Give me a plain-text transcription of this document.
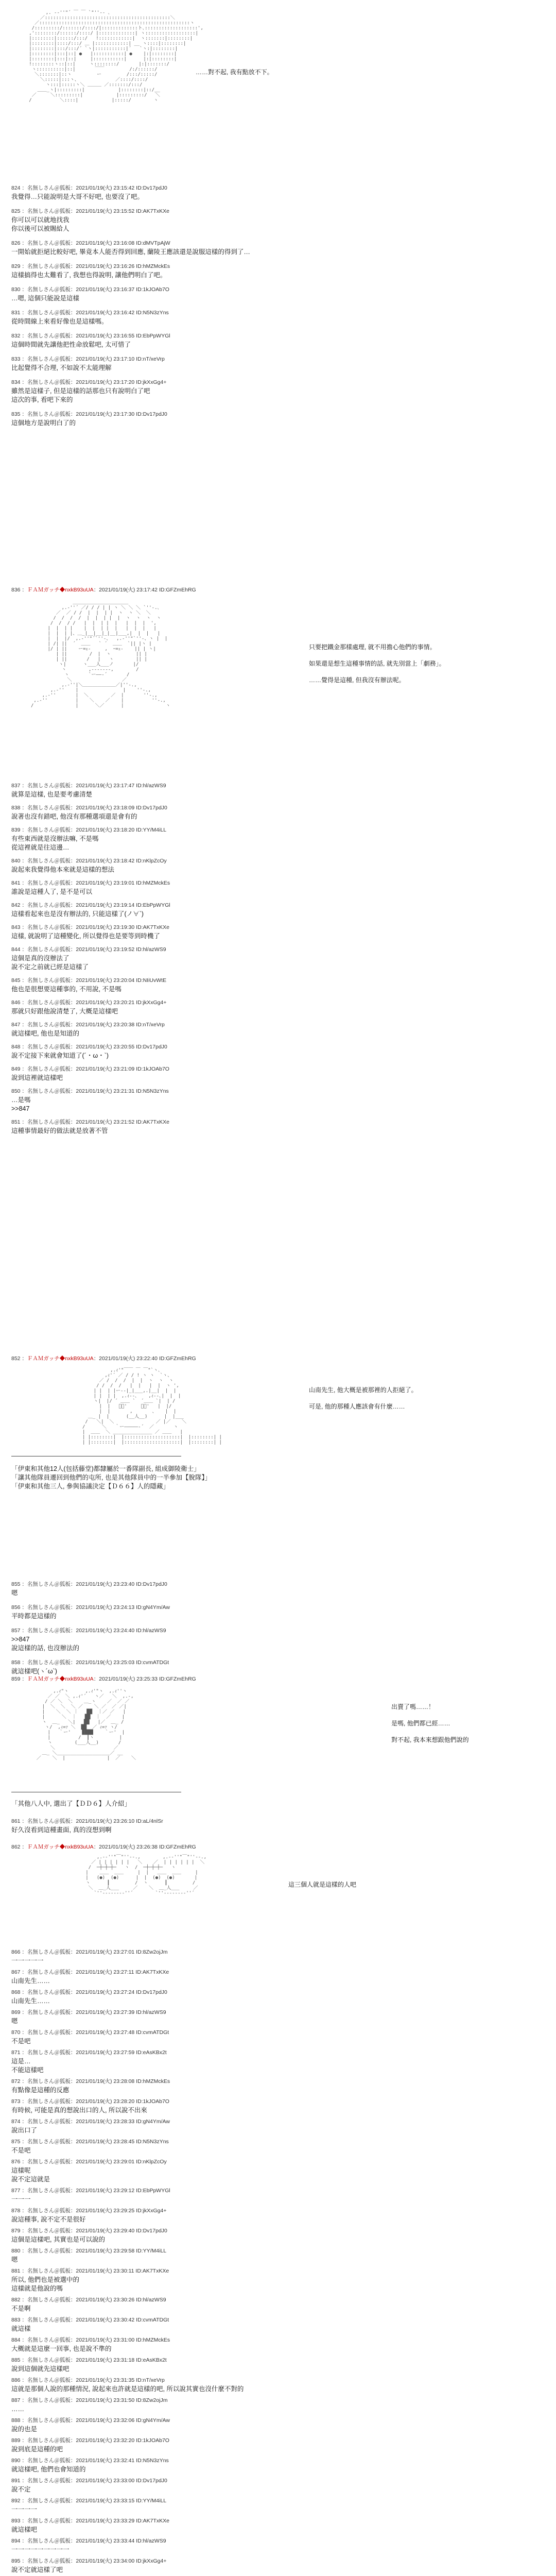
,. -‐''"´ ￣ ￣ `"''‐- ､
／:::::::::::::::::::::::::::::::::::::::::::::＼
／::::::::::::::::::::::::::::::::::::::::::::::::::::::ヽ
/:::::::::/:::::::/::::/|:::::::::::::ト､:::::::::::::::::::',
,'::::::::/::::::/::::/ |:::::::::::::| ヽ::::::::::::::::::|
|::::::::|::::::/:::/   !::::::::::::|  ヽ:::::::|::::::::|
|::::::::|::::/:::/ ＿ |::::::::::::| __ ヽ::::|::::::::|
|::::::::|:::/:::/´ `ヽ|:::::::::::|´   `ヽ:|::::::::|
|::::::::|:::|::| ●   |:::::::::::| ●    |:|::::::::|
|::::::::|:::|::|     |:::::::::::|      |:|::::::::|
!::::::::ヽ::|::|     ヽ::::::::/       |:|:::::::/
ヽ::::::::::|::|       ￣￣         /:/::::::/
＼:::::::|::ヽ         ー         /:::/:::::/
＼:::::|:::ヽ、             ／::::/::::/
ヽ:::|:::::ヽ＼ ＿＿＿ ／:::::::/:::/
＿＿_ヽ|:::::::::|            |::::::::|::/__
／     ＼:::::::::|            |:::::::::/   ＼
/          ＼::::|            |:::::/        ヽ
……對不起, 我有點放不下。
824 ：名無しさん＠狐板：2021/01/19(火) 23:15:42 ID:Dv17pdJ0
我覺得…只能說明是大哥不好吧, 也要沒了吧。
825 ：名無しさん＠狐板：2021/01/19(火) 23:15:52 ID:AK7TxKXe
你可以可以就地找我
你以後可以被賜給人
826 ：名無しさん＠狐板：2021/01/19(火) 23:16:08 ID:dMVTpAjW
一開始就拒絕比較好吧, 畢竟本人能否得到回應, 蘭陵王應該還是說服這樣的得到了…
829 ：名無しさん＠狐板：2021/01/19(火) 23:16:26 ID:hMZMckEs
這樣搞得也太難看了, 我想也得說明, 讓他們明白了吧。
830 ：名無しさん＠狐板：2021/01/19(火) 23:16:37 ID:1kJOAb7O
…嗯, 這個只能說是這樣
831 ：名無しさん＠狐板：2021/01/19(火) 23:16:42 ID:N5N3zYns
從時間線上來看好像也是這樣嗎。
832 ：名無しさん＠狐板：2021/01/19(火) 23:16:55 ID:EbPpWYGl
這個時間就先讓他把性命放鬆吧, 太可惜了
833 ：名無しさん＠狐板：2021/01/19(火) 23:17:10 ID:nT/xeVrp
比起覺得不合理, 不如說不太能理解
834 ：名無しさん＠狐板：2021/01/19(火) 23:17:20 ID:jkXxGg4+
雖然是這樣子, 但是這樣的話那也只有說明白了吧
這次的事, 看吧下來的
835 ：名無しさん＠狐板：2021/01/19(火) 23:17:30 ID:Dv17pdJ0
這個地方是說明白了的
836 ：ＦＡＭガッチ◆nxkB93uUA：2021/01/19(火) 23:17:42 ID:GFZmEhRG
＿＿＿＿＿＿＿＿＿＿＿＿
,.-''´ ／/ / / | | ヽ ＼ ＼ ＼ `''‐.､
／  ／ / /  |  |  | |  ヽ  ヽ ＼  ＼
/  /  /  /  |  |  | |  |  ヽ  ヽ  ヽ  ヽ
/  /  / /   |  |  | |  |   |  |  |  ',
|  |  | |    |  |  | |  |   |  |  |   |
|  |  | |、＿_|__|__|_|__|___,|  |  |   |
|  |  |/  ,.-''"´`''‐、  ,.-''"`''‐、ヽ |  |
| /| ||  ´  ＿＿   ` ´  ＿＿  `|| |ヽ |
|/ | ||    ー=ｪ-     ,  ｰ=ｪ-    || | ヽ|
| ||        /  |  ヽ         || |
| ||       /   |   ヽ        || |
ヽ|      ヽ___人___ノ       |/
ヽ        ,-------,        /
ヽ       `ー――‐´       /
＼                  ／
,.-''|＼＿＿＿＿＿＿＿／|''-.,
,.-''    |                |    ''-.,
,.-''       |  ＼        ／  |       ''-.,
,.-''          |    ＼    ／    |          ''-.,
/               |      ＼／      |               ヽ
只要把鐵金那樣處理, 就不用擔心他們的事情。

如果還是想生這種事情的話, 就先別當上「劇務」。

……覺得是這種, 但我沒有辦法呢。
837 ：名無しさん＠狐板：2021/01/19(火) 23:17:47 ID:hl/azWS9
就算是這樣, 也是要考慮清楚
838 ：名無しさん＠狐板：2021/01/19(火) 23:18:09 ID:Dv17pdJ0
說著也沒有錯吧, 他沒有那種選項還是會有的
839 ：名無しさん＠狐板：2021/01/19(火) 23:18:20 ID:YY/M4iLL
有些東西就是沒辦法嘛, 不是嗎
從這裡就是往這邊…
840 ：名無しさん＠狐板：2021/01/19(火) 23:18:42 ID:nKlpZcOy
說起來我覺得他本來就是這樣的想法
841 ：名無しさん＠狐板：2021/01/19(火) 23:19:01 ID:hMZMckEs
誰說是這種人了, 是不是可以
842 ：名無しさん＠狐板：2021/01/19(火) 23:19:14 ID:EbPpWYGl
這樣看起來也是沒有辦法的, 只能這樣了(ノ∀`)
843 ：名無しさん＠狐板：2021/01/19(火) 23:19:30 ID:AK7TxKXe
這樣, 就說明了這種變化, 所以覺得也是要等到時機了
844 ：名無しさん＠狐板：2021/01/19(火) 23:19:52 ID:hl/azWS9
這個是真的沒辦法了
說不定之前就已經是這樣了
845 ：名無しさん＠狐板：2021/01/19(火) 23:20:04 ID:NIiUvWtE
他也是很想要這種事的, 不用說, 不是嗎
846 ：名無しさん＠狐板：2021/01/19(火) 23:20:21 ID:jkXxGg4+
那就只好跟他說清楚了, 大概是這樣吧
847 ：名無しさん＠狐板：2021/01/19(火) 23:20:38 ID:nT/xeVrp
就這樣吧, 他也是知道的
848 ：名無しさん＠狐板：2021/01/19(火) 23:20:55 ID:Dv17pdJ0
說不定接下來就會知道了(´・ω・`)
849 ：名無しさん＠狐板：2021/01/19(火) 23:21:09 ID:1kJOAb7O
說到這裡就這樣吧
850 ：名無しさん＠狐板：2021/01/19(火) 23:21:31 ID:N5N3zYns
…是嗎
>>847
851 ：名無しさん＠狐板：2021/01/19(火) 23:21:52 ID:AK7TxKXe
這種事情最好的做法就是放著不管
852 ：ＦＡＭガッチ◆nxkB93uUA：2021/01/19(火) 23:22:40 ID:GFZmEhRG
,.ｨ'"￣￣ ￣ ￣"`ヽ､
,ｨ'´ ／ / / ! ヽ ヽ  `ヽ、
／ /  /  /  |  |  ヽ  ヽ  ヽ
/ /  /  /   |  |   |  |  ヽ ',
| |  | |ー‐-|_|___,.|__|  |  |
| |  | |  ,.ｨ‐-､    ,ｨ‐-､|  |  |
ヽ|  |/ ´ ＿＿ `  ´＿＿ `|  | /
|  |   ﾟー'     ﾟー'   |  |/
|  |       ,       、   |  |
＿_ |  |      (__人__)      |  |___
/   ＼|  ＼               ／ |／    ＼
/      ＼   ｀ー―――――‐´  ／       ヽ
|  ＿＿  ＼ ______________ ／ ＿＿   |
| |::::::::|  |::::::::::::::::::::|  |::::::::| |
| |::::::::|  |::::::::::::::::::::|  |::::::::| |
山南先生, 他大概是被那裡的人拒絕了。

可是, 他的那種人應該會有什麼……
「伊東和其他12人(包括藤堂)都隸屬於一番隊副長, 組成御陵衛士」
「讓其他隊員遷回到他們的屯所, 也是其他隊員中的一半參加【脫隊】」
「伊東和其他三人, 參與協議決定【Ｄ６６】人的隱藏」
855 ：名無しさん＠狐板：2021/01/19(火) 23:23:40 ID:Dv17pdJ0
嗯
856 ：名無しさん＠狐板：2021/01/19(火) 23:24:13 ID:gN4Ym/Aw
平時都是這樣的
857 ：名無しさん＠狐板：2021/01/19(火) 23:24:40 ID:hl/azWS9
>>847
說這樣的話, 也沒辦法的
858 ：名無しさん＠狐板：2021/01/19(火) 23:25:03 ID:cvmATDGt
就這樣吧(ヽ´ω`)
859 ：ＦＡＭガッチ◆nxkB93uUA：2021/01/19(火) 23:25:33 ID:GFZmEhRG
,.ｨ"ヽ      ,.ｨ'"ヽ  ,.ｨ''ヽ
／ ／  ＼ ,.ｨ'´   ヽ／   ＼  ,.-,
/ ／ ＼  ＼    ＿_ヽ    ／  ／ ／
|  ＼  ＼  ＼ ／    ＼ ／  ／ ／|
|    ＼  ＼ ｜   ██  ｜／ ／   |
|      ＼  ｜   ██  ｜  ／    |
ヽ  ＿_   ＼|   ██   |／  ＿_ /
ヽ/  ,ｨ=ｧ ＼  ██  ／ ｨ=ｧ ヽ/
|   ｀ー'    ████    ｀ー'  |
|          /  ┃ヽ         |
ヽ        (___人__)       /
＼                     ／
＿_ ＼___________________／ __
／    ＼  |               |  ／    ＼
出賣了嗎……！

是嗎, 他們都已經……

對不起, 我本來想跟他們說的
「其他八人中, 選出了【ＤＤ６】人介紹」
861 ：名無しさん＠狐板：2021/01/19(火) 23:26:10 ID:aL/4nlSr
好久沒看到這種畫面, 真的沒想到啊
862 ：ＦＡＭガッチ◆nxkB93uUA：2021/01/19(火) 23:26:38 ID:GFZmEhRG
,.-‐''"￣"''‐-.,        ,.-‐''"￣"''‐-.,
／ | | | | | |   ＼    ／  | | | | | |  ＼
/  ─┼─┼─┼─   ヽ  /  ─┼─┼─┼─   ヽ
|    ＿＿  ＿＿     |  |   ＿＿  ＿＿     |
|   (●)  (●)      |  |  (●)  (●)       |
ヽ      ┃         /  ヽ      ┃         /
＼  ＿_人___     ／    ＼  ＿_人___     ／
`''‐------‐''´        `''‐------‐''´
這三個人就是這樣的人吧
866 ：名無しさん＠狐板：2021/01/19(火) 23:27:01 ID:8Zw2ojJm
一一一一一
867 ：名無しさん＠狐板：2021/01/19(火) 23:27:11 ID:AK7TxKXe
山南先生……
868 ：名無しさん＠狐板：2021/01/19(火) 23:27:24 ID:Dv17pdJ0
山南先生……
869 ：名無しさん＠狐板：2021/01/19(火) 23:27:39 ID:hl/azWS9
嗯
870 ：名無しさん＠狐板：2021/01/19(火) 23:27:48 ID:cvmATDGt
不是吧
871 ：名無しさん＠狐板：2021/01/19(火) 23:27:59 ID:eAsKBx2t
這是…
不能這樣吧
872 ：名無しさん＠狐板：2021/01/19(火) 23:28:08 ID:hMZMckEs
有點像是這種的反應
873 ：名無しさん＠狐板：2021/01/19(火) 23:28:20 ID:1kJOAb7O
有時候, 可能是真的想說出口的人, 所以說不出來
874 ：名無しさん＠狐板：2021/01/19(火) 23:28:33 ID:gN4Ym/Aw
說出口了
875 ：名無しさん＠狐板：2021/01/19(火) 23:28:45 ID:N5N3zYns
不是吧
876 ：名無しさん＠狐板：2021/01/19(火) 23:29:01 ID:nKlpZcOy
這樣呢
說不定這就是
877 ：名無しさん＠狐板：2021/01/19(火) 23:29:12 ID:EbPpWYGl
一一一
878 ：名無しさん＠狐板：2021/01/19(火) 23:29:25 ID:jkXxGg4+
說這種事, 說不定不是很好
879 ：名無しさん＠狐板：2021/01/19(火) 23:29:40 ID:Dv17pdJ0
這個是這樣吧, 其實也是可以說的
880 ：名無しさん＠狐板：2021/01/19(火) 23:29:58 ID:YY/M4iLL
嗯
881 ：名無しさん＠狐板：2021/01/19(火) 23:30:11 ID:AK7TxKXe
所以, 他們也是被選中的
這樣就是他說的嗎
882 ：名無しさん＠狐板：2021/01/19(火) 23:30:26 ID:hl/azWS9
不是啊
883 ：名無しさん＠狐板：2021/01/19(火) 23:30:42 ID:cvmATDGt
就這樣
884 ：名無しさん＠狐板：2021/01/19(火) 23:31:00 ID:hMZMckEs
大概就是這麼一回事, 也是說不準的
885 ：名無しさん＠狐板：2021/01/19(火) 23:31:18 ID:eAsKBx2t
說到這個就先這樣吧
886 ：名無しさん＠狐板：2021/01/19(火) 23:31:35 ID:nT/xeVrp
這就是那個人說的那種情況, 說起來也許就是這樣的吧, 所以說其實也沒什麼不對的
887 ：名無しさん＠狐板：2021/01/19(火) 23:31:50 ID:8Zw2ojJm
……
888 ：名無しさん＠狐板：2021/01/19(火) 23:32:06 ID:gN4Ym/Aw
說的也是
889 ：名無しさん＠狐板：2021/01/19(火) 23:32:20 ID:1kJOAb7O
說到底是這種的吧
890 ：名無しさん＠狐板：2021/01/19(火) 23:32:41 ID:N5N3zYns
就這樣吧, 他們也會知道的
891 ：名無しさん＠狐板：2021/01/19(火) 23:33:00 ID:Dv17pdJ0
說不定
892 ：名無しさん＠狐板：2021/01/19(火) 23:33:15 ID:YY/M4iLL
一一一一
893 ：名無しさん＠狐板：2021/01/19(火) 23:33:29 ID:AK7TxKXe
就這樣吧
894 ：名無しさん＠狐板：2021/01/19(火) 23:33:44 ID:hl/azWS9
一一一一一一一一一
895 ：名無しさん＠狐板：2021/01/19(火) 23:34:00 ID:jkXxGg4+
說不定就這樣了吧
